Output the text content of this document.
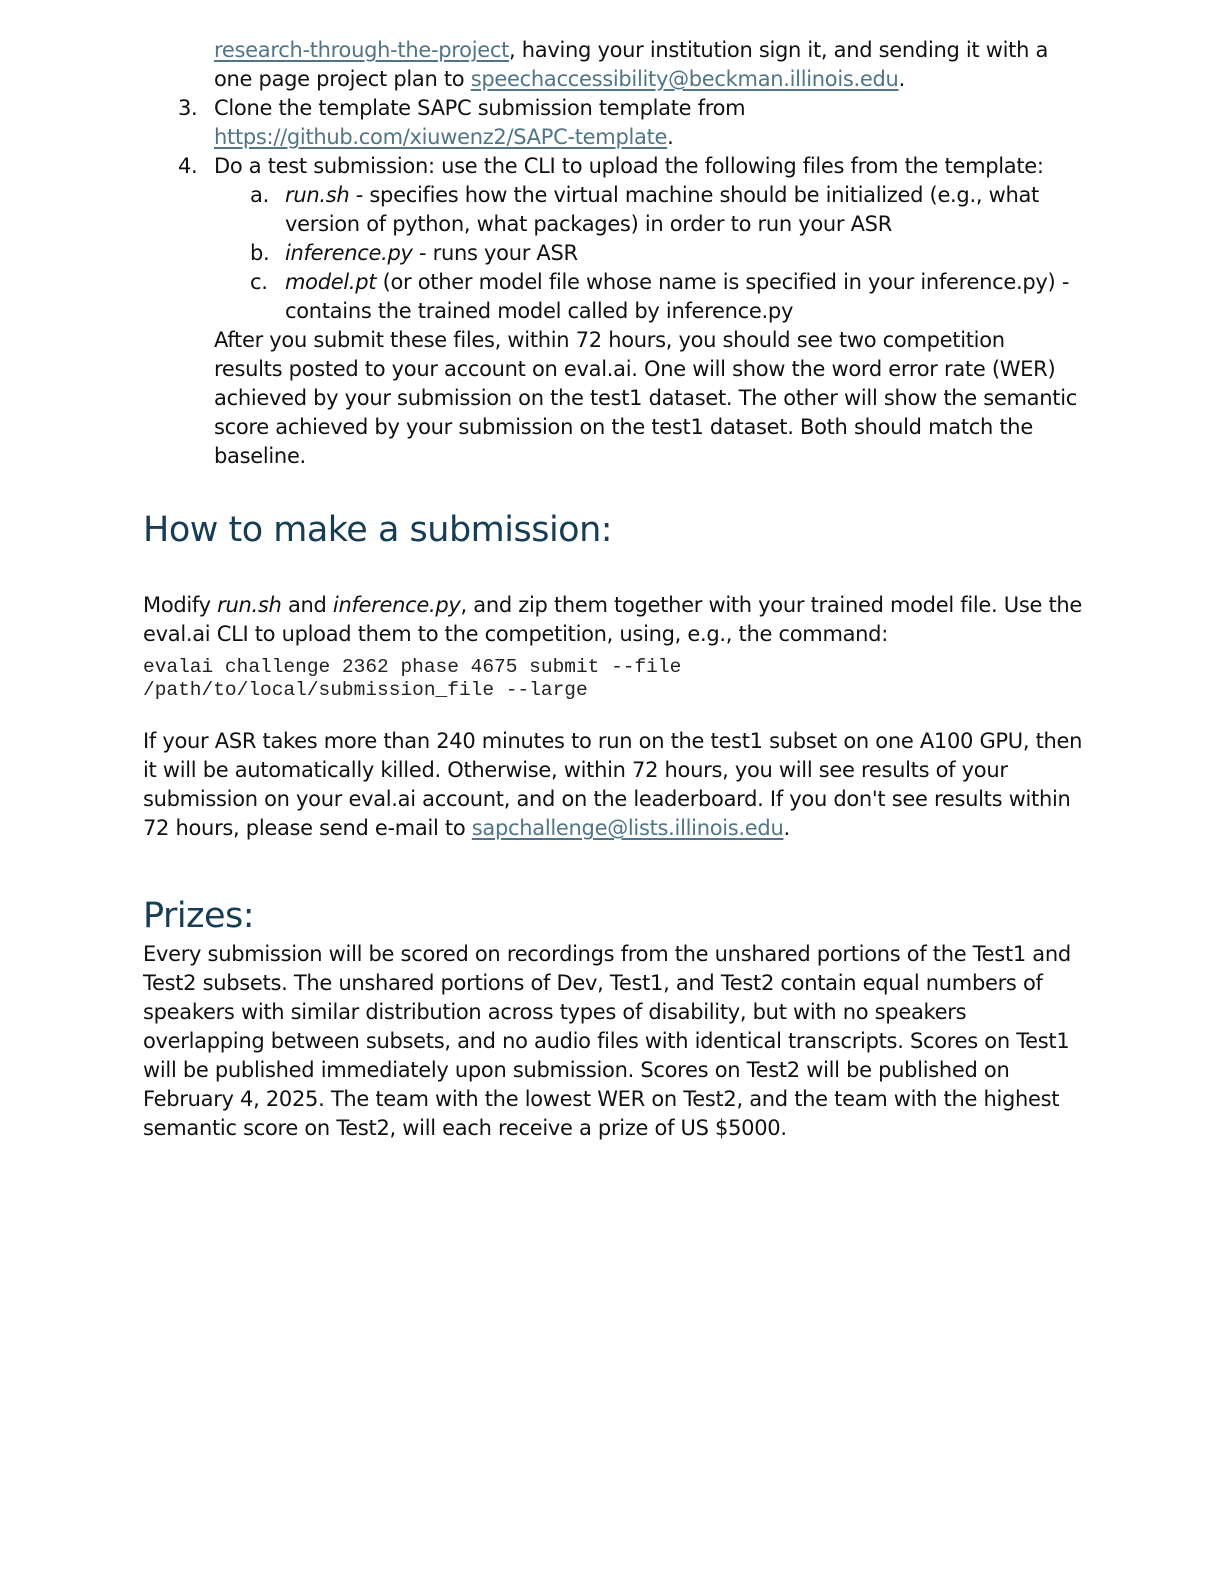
research-through-the-project, having your institution sign it, and sending it with a
one page project plan to speechaccessibility@beckman.illinois.edu.
3. Clone the template SAPC submission template from
https://github.com/xiuwenz2/SAPC-template.
4. Do a test submission: use the CLI to upload the following files from the template:
a. run.sh - specifies how the virtual machine should be initialized (e.g., what
version of python, what packages) in order to run your ASR
b. inference.py - runs your ASR
c. model.pt (or other model file whose name is specified in your inference.py) -
contains the trained model called by inference.py
After you submit these files, within 72 hours, you should see two competition
results posted to your account on eval.ai. One will show the word error rate (WER)
achieved by your submission on the test1 dataset. The other will show the semantic
score achieved by your submission on the test1 dataset. Both should match the
baseline.
How to make a submission:
Modify run.sh and inference.py, and zip them together with your trained model file. Use the
eval.ai CLI to upload them to the competition, using, e.g., the command:
evalai challenge 2362 phase 4675 submit --file
/path/to/local/submission_file --large
If your ASR takes more than 240 minutes to run on the test1 subset on one A100 GPU, then
it will be automatically killed. Otherwise, within 72 hours, you will see results of your
submission on your eval.ai account, and on the leaderboard. If you don't see results within
72 hours, please send e-mail to sapchallenge@lists.illinois.edu.
Prizes:
Every submission will be scored on recordings from the unshared portions of the Test1 and
Test2 subsets. The unshared portions of Dev, Test1, and Test2 contain equal numbers of
speakers with similar distribution across types of disability, but with no speakers
overlapping between subsets, and no audio files with identical transcripts. Scores on Test1
will be published immediately upon submission. Scores on Test2 will be published on
February 4, 2025. The team with the lowest WER on Test2, and the team with the highest
semantic score on Test2, will each receive a prize of US $5000.
